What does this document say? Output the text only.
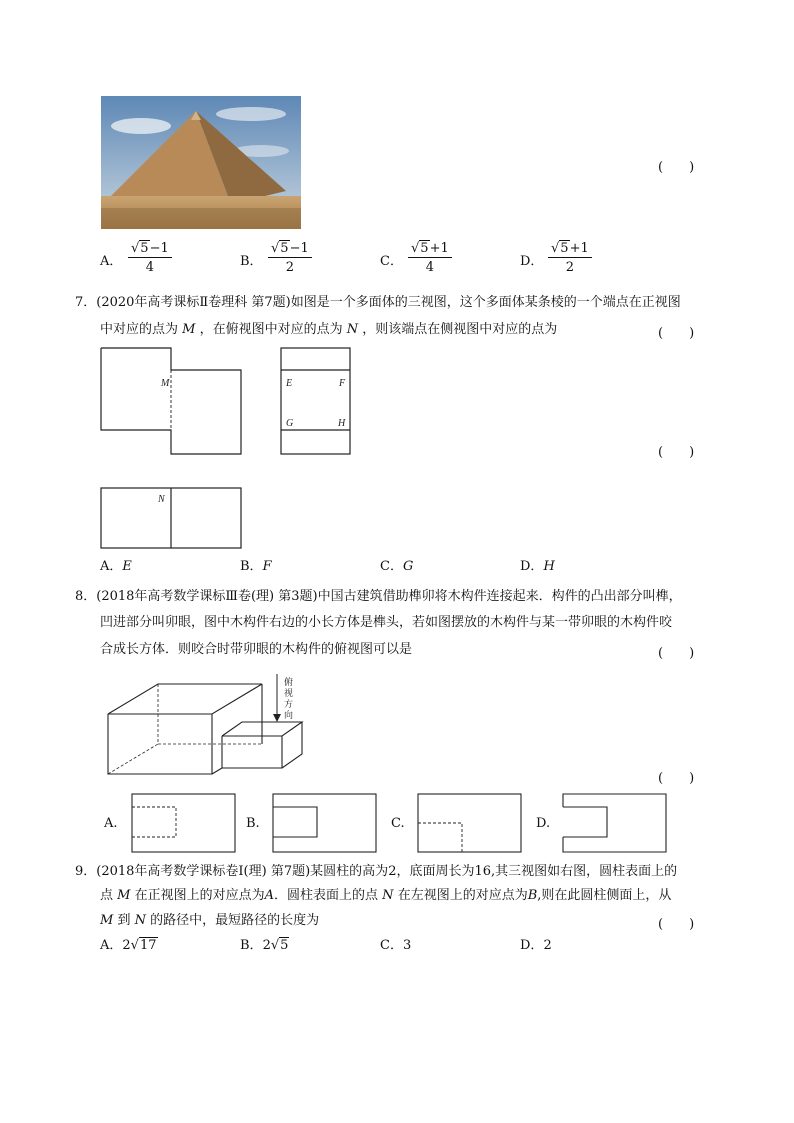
(　　)
A． $\frac{√5-1}{4}$	B． $\frac{√5-1}{2}$	C． $\frac{√5+1}{4}$	D． $\frac{√5+1}{2}$
7．(2020年高考课标Ⅱ卷理科 第7题)如图是一个多面体的三视图，这个多面体某条棱的一个端点在正视图
中对应的点为 M ，在俯视图中对应的点为 N ，则该端点在侧视图中对应的点为	(　　)
M	E	F
G	H
N
(　　)
A．E	B．F	C．G	D．H
8．(2018年高考数学课标Ⅲ卷(理) 第3题)中国古建筑借助榫卯将木构件连接起来．构件的凸出部分叫榫，
凹进部分叫卯眼，图中木构件右边的小长方体是榫头，若如图摆放的木构件与某一带卯眼的木构件咬
合成长方体．则咬合时带卯眼的木构件的俯视图可以是	(　　)
俯
视
方
向
(　　)
A.	B.	C.	D.
9．(2018年高考数学课标卷Ⅰ(理) 第7题)某圆柱的高为2，底面周长为16,其三视图如右图，圆柱表面上的
点 M 在正视图上的对应点为A．圆柱表面上的点 N 在左视图上的对应点为B,则在此圆柱侧面上，从
M 到 N 的路径中，最短路径的长度为	(　　)
A．2√17	B．2√5	C．3	D．2
